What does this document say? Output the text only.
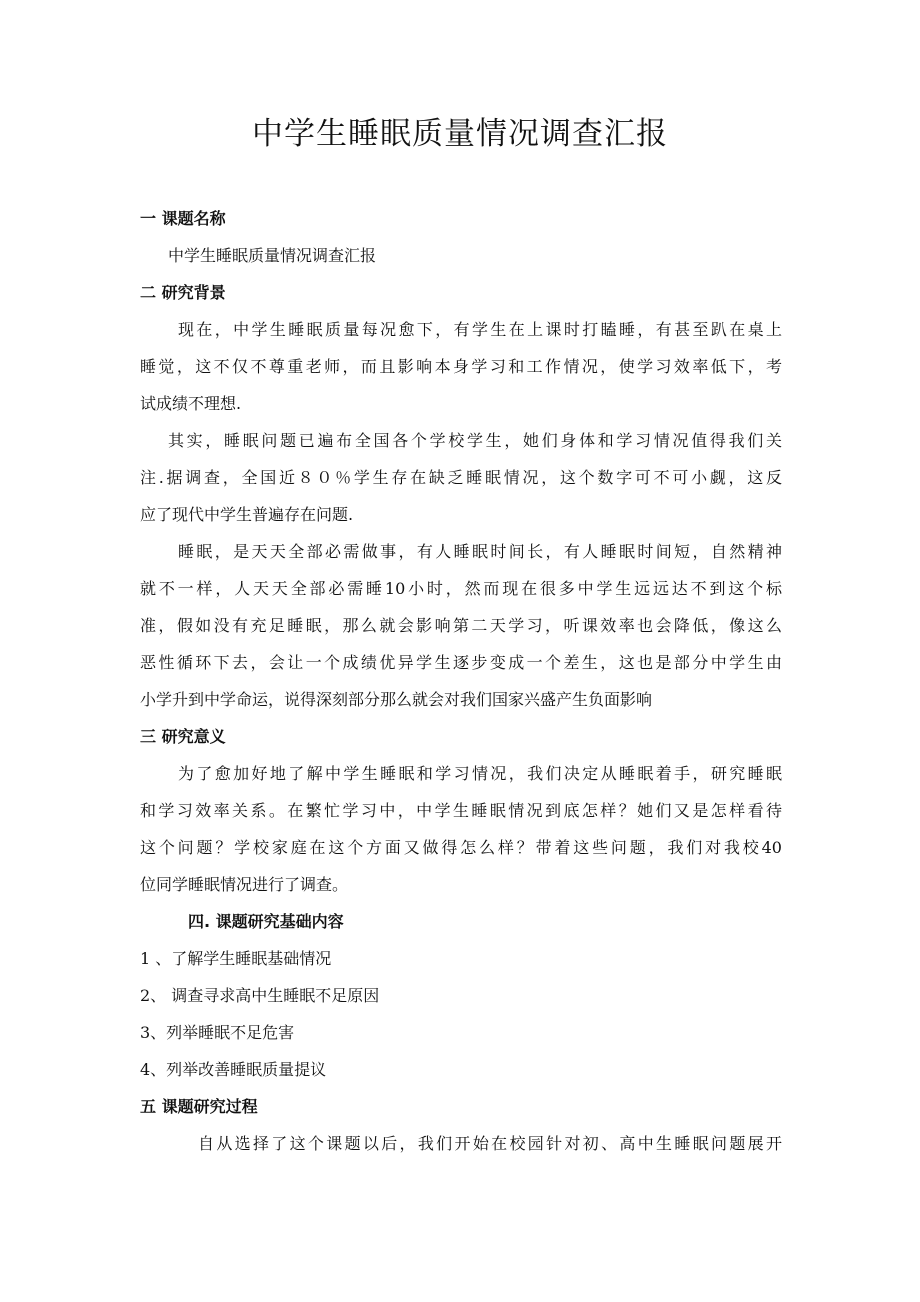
中学生睡眠质量情况调查汇报
一 课题名称
中学生睡眠质量情况调查汇报
二 研究背景
现在，中学生睡眠质量每况愈下，有学生在上课时打瞌睡，有甚至趴在桌上
睡觉，这不仅不尊重老师，而且影响本身学习和工作情况，使学习效率低下，考
试成绩不理想.
其实，睡眠问题已遍布全国各个学校学生，她们身体和学习情况值得我们关
注.据调查，全国近８０％学生存在缺乏睡眠情况，这个数字可不可小觑，这反
应了现代中学生普遍存在问题.
睡眠，是天天全部必需做事，有人睡眠时间长，有人睡眠时间短，自然精神
就不一样，人天天全部必需睡10小时，然而现在很多中学生远远达不到这个标
准，假如没有充足睡眠，那么就会影响第二天学习，听课效率也会降低，像这么
恶性循环下去，会让一个成绩优异学生逐步变成一个差生，这也是部分中学生由
小学升到中学命运，说得深刻部分那么就会对我们国家兴盛产生负面影响
三 研究意义
为了愈加好地了解中学生睡眠和学习情况，我们决定从睡眠着手，研究睡眠
和学习效率关系。在繁忙学习中，中学生睡眠情况到底怎样？她们又是怎样看待
这个问题？学校家庭在这个方面又做得怎么样？带着这些问题，我们对我校40
位同学睡眠情况进行了调查。
四. 课题研究基础内容
1 、了解学生睡眠基础情况
2、 调查寻求高中生睡眠不足原因
3、列举睡眠不足危害
4、列举改善睡眠质量提议
五 课题研究过程
自从选择了这个课题以后，我们开始在校园针对初、高中生睡眠问题展开
